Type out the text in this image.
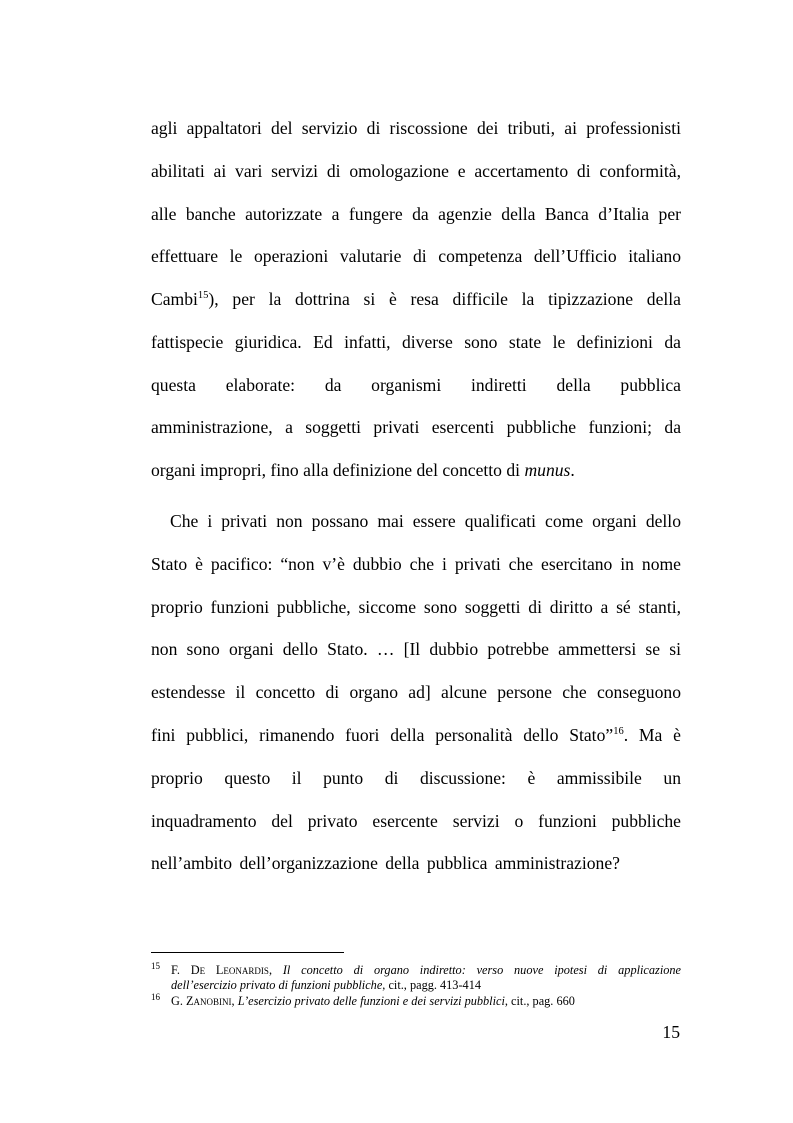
agli appaltatori del servizio di riscossione dei tributi, ai professionisti
abilitati ai vari servizi di omologazione e accertamento di conformità,
alle banche autorizzate a fungere da agenzie della Banca d’Italia per
effettuare le operazioni valutarie di competenza dell’Ufficio italiano
Cambi$^{15}$), per la dottrina si è resa difficile la tipizzazione della
fattispecie giuridica. Ed infatti, diverse sono state le definizioni da
questa elaborate: da organismi indiretti della pubblica
amministrazione, a soggetti privati esercenti pubbliche funzioni; da
organi impropri, fino alla definizione del concetto di munus.
Che i privati non possano mai essere qualificati come organi dello
Stato è pacifico: “non v’è dubbio che i privati che esercitano in nome
proprio funzioni pubbliche, siccome sono soggetti di diritto a sé stanti,
non sono organi dello Stato. … [Il dubbio potrebbe ammettersi se si
estendesse il concetto di organo ad] alcune persone che conseguono
fini pubblici, rimanendo fuori della personalità dello Stato”$^{16}$. Ma è
proprio questo il punto di discussione: è ammissibile un
inquadramento del privato esercente servizi o funzioni pubbliche
nell’ambito dell’organizzazione della pubblica amministrazione?
15 F. De Leonardis, Il concetto di organo indiretto: verso nuove ipotesi di applicazione
dell’esercizio privato di funzioni pubbliche, cit., pagg. 413-414
16 G. Zanobini, L’esercizio privato delle funzioni e dei servizi pubblici, cit., pag. 660
15
